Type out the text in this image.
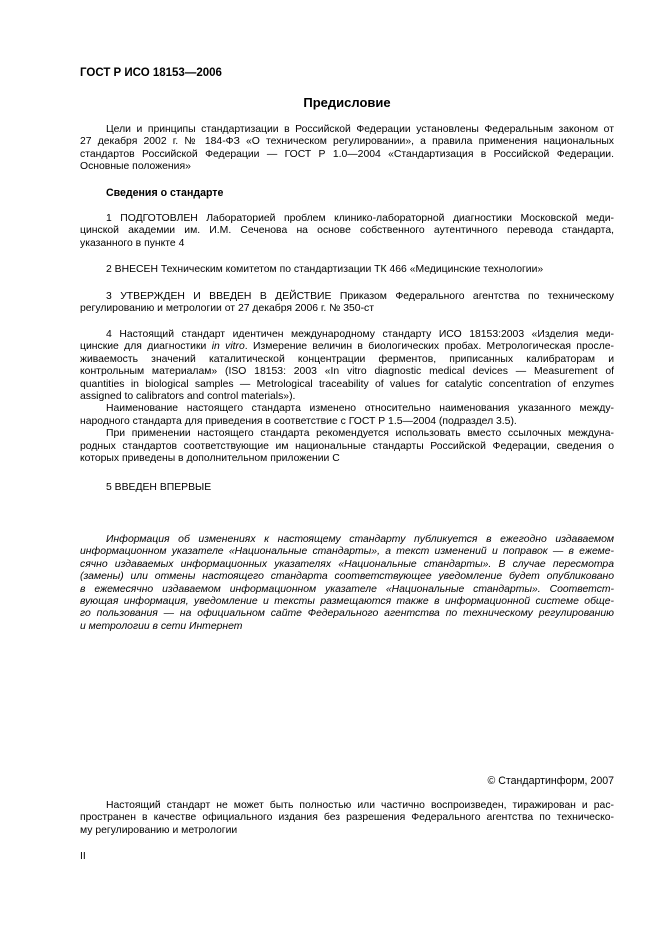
ГОСТ Р ИСО 18153—2006

Предисловие

Цели и принципы стандартизации в Российской Федерации установлены Федеральным законом от
27 декабря 2002 г. № 184-ФЗ «О техническом регулировании», а правила применения национальных
стандартов Российской Федерации — ГОСТ Р 1.0—2004 «Стандартизация в Российской Федерации.
Основные положения»

Сведения о стандарте

1 ПОДГОТОВЛЕН Лабораторией проблем клинико-лабораторной диагностики Московской меди-
цинской академии им. И.М. Сеченова на основе собственного аутентичного перевода стандарта,
указанного в пункте 4
2 ВНЕСЕН Техническим комитетом по стандартизации ТК 466 «Медицинские технологии»
3 УТВЕРЖДЕН И ВВЕДЕН В ДЕЙСТВИЕ Приказом Федерального агентства по техническому
регулированию и метрологии от 27 декабря 2006 г. № 350-ст
4 Настоящий стандарт идентичен международному стандарту ИСО 18153:2003 «Изделия меди-
цинские для диагностики in vitro. Измерение величин в биологических пробах. Метрологическая просле-
живаемость значений каталитической концентрации ферментов, приписанных калибраторам и
контрольным материалам» (ISO 18153: 2003 «In vitro diagnostic medical devices — Measurement of
quantities in biological samples — Metrological traceability of values for catalytic concentration of enzymes
assigned to calibrators and control materials»).
Наименование настоящего стандарта изменено относительно наименования указанного между-
народного стандарта для приведения в соответствие с ГОСТ Р 1.5—2004 (подраздел 3.5).
При применении настоящего стандарта рекомендуется использовать вместо ссылочных междуна-
родных стандартов соответствующие им национальные стандарты Российской Федерации, сведения о
которых приведены в дополнительном приложении С
5 ВВЕДЕН ВПЕРВЫЕ
Информация об изменениях к настоящему стандарту публикуется в ежегодно издаваемом
информационном указателе «Национальные стандарты», а текст изменений и поправок — в ежеме-
сячно издаваемых информационных указателях «Национальные стандарты». В случае пересмотра
(замены) или отмены настоящего стандарта соответствующее уведомление будет опубликовано
в ежемесячно издаваемом информационном указателе «Национальные стандарты». Соответст-
вующая информация, уведомление и тексты размещаются также в информационной системе обще-
го пользования — на официальном сайте Федерального агентства по техническому регулированию
и метрологии в сети Интернет

© Стандартинформ, 2007

Настоящий стандарт не может быть полностью или частично воспроизведен, тиражирован и рас-
пространен в качестве официального издания без разрешения Федерального агентства по техническо-
му регулированию и метрологии

II
